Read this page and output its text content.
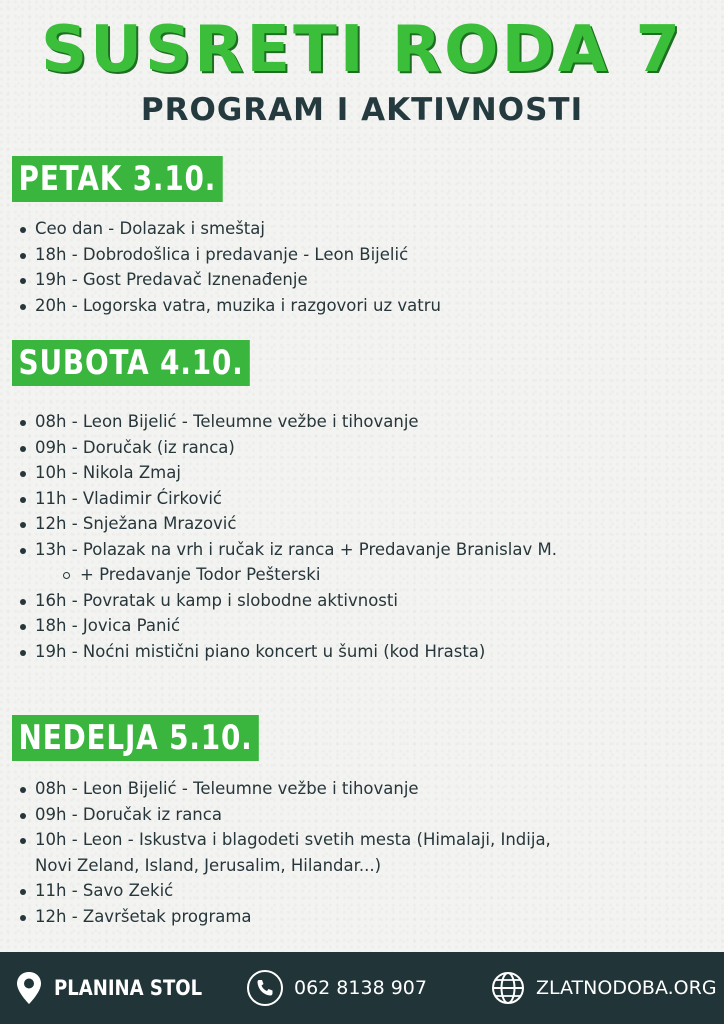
SUSRETI RODA 7
PROGRAM I AKTIVNOSTI
PETAK 3.10.
Ceo dan - Dolazak i smeštaj
18h - Dobrodošlica i predavanje - Leon Bijelić
19h - Gost Predavač Iznenađenje
20h - Logorska vatra, muzika i razgovori uz vatru
SUBOTA 4.10.
08h - Leon Bijelić - Teleumne vežbe i tihovanje
09h - Doručak (iz ranca)
10h - Nikola Zmaj
11h - Vladimir Ćirković
12h - Snježana Mrazović
13h - Polazak na vrh i ručak iz ranca + Predavanje Branislav M.
+ Predavanje Todor Pešterski
16h - Povratak u kamp i slobodne aktivnosti
18h - Jovica Panić
19h - Noćni mistični piano koncert u šumi (kod Hrasta)
NEDELJA 5.10.
08h - Leon Bijelić - Teleumne vežbe i tihovanje
09h - Doručak iz ranca
10h - Leon - Iskustva i blagodeti svetih mesta (Himalaji, Indija,
Novi Zeland, Island, Jerusalim, Hilandar...)
11h - Savo Zekić
12h - Završetak programa
PLANINA STOL	062 8138 907	ZLATNODOBA.ORG
